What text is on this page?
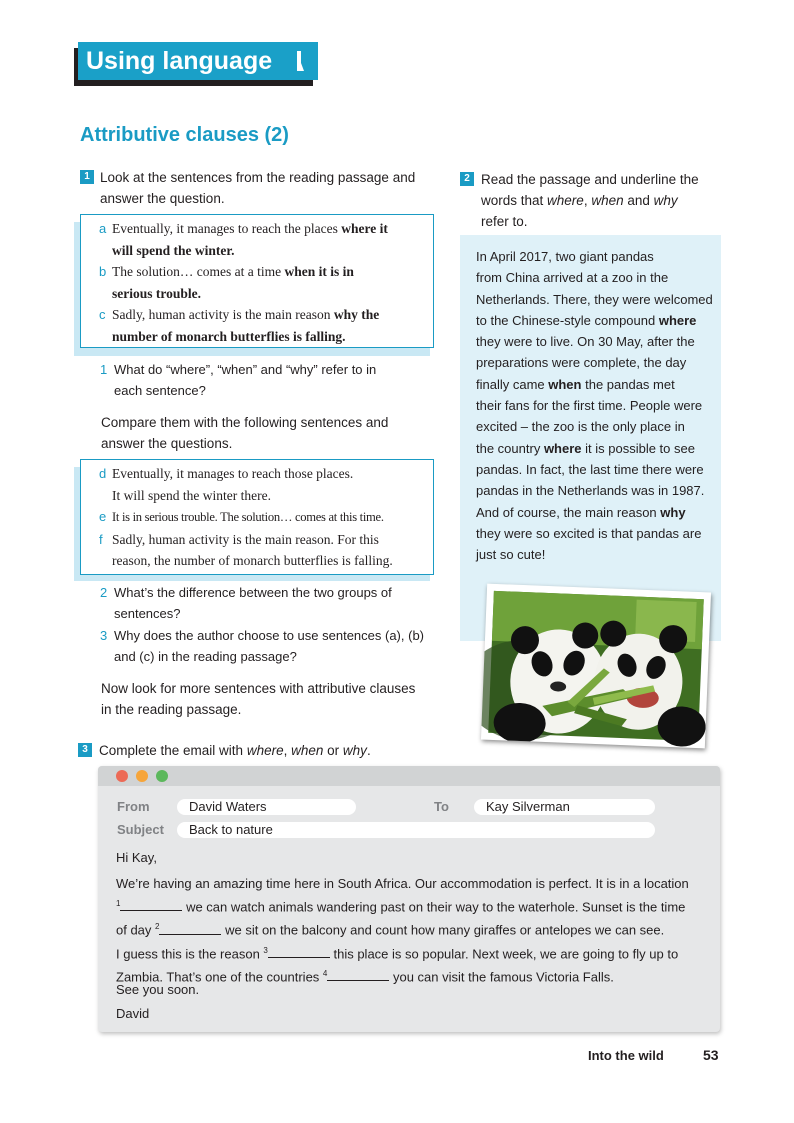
Using language
Attributive clauses (2)
1 Look at the sentences from the reading passage and
answer the question.
a Eventually, it manages to reach the places where it
will spend the winter.
b The solution… comes at a time when it is in
serious trouble.
c Sadly, human activity is the main reason why the
number of monarch butterflies is falling.
1 What do “where”, “when” and “why” refer to in
each sentence?
Compare them with the following sentences and
answer the questions.
d Eventually, it manages to reach those places.
It will spend the winter there.
e It is in serious trouble. The solution… comes at this time.
f Sadly, human activity is the main reason. For this
reason, the number of monarch butterflies is falling.
2 What’s the difference between the two groups of
sentences?
3 Why does the author choose to use sentences (a), (b)
and (c) in the reading passage?
Now look for more sentences with attributive clauses
in the reading passage.
2 Read the passage and underline the
words that where, when and why
refer to.
In April 2017, two giant pandas
from China arrived at a zoo in the
Netherlands. There, they were welcomed
to the Chinese-style compound where
they were to live. On 30 May, after the
preparations were complete, the day
finally came when the pandas met
their fans for the first time. People were
excited – the zoo is the only place in
the country where it is possible to see
pandas. In fact, the last time there were
pandas in the Netherlands was in 1987.
And of course, the main reason why
they were so excited is that pandas are
just so cute!
3 Complete the email with where, when or why.
From	David Waters	To	Kay Silverman
Subject	Back to nature
Hi Kay,
We’re having an amazing time here in South Africa. Our accommodation is perfect. It is in a location
$^1$	we can watch animals wandering past on their way to the waterhole. Sunset is the time
of day $^2$	we sit on the balcony and count how many giraffes or antelopes we can see.
I guess this is the reason $^3$	this place is so popular. Next week, we are going to fly up to
Zambia. That’s one of the countries $^4$	you can visit the famous Victoria Falls.
See you soon.
David
Into the wild	53
